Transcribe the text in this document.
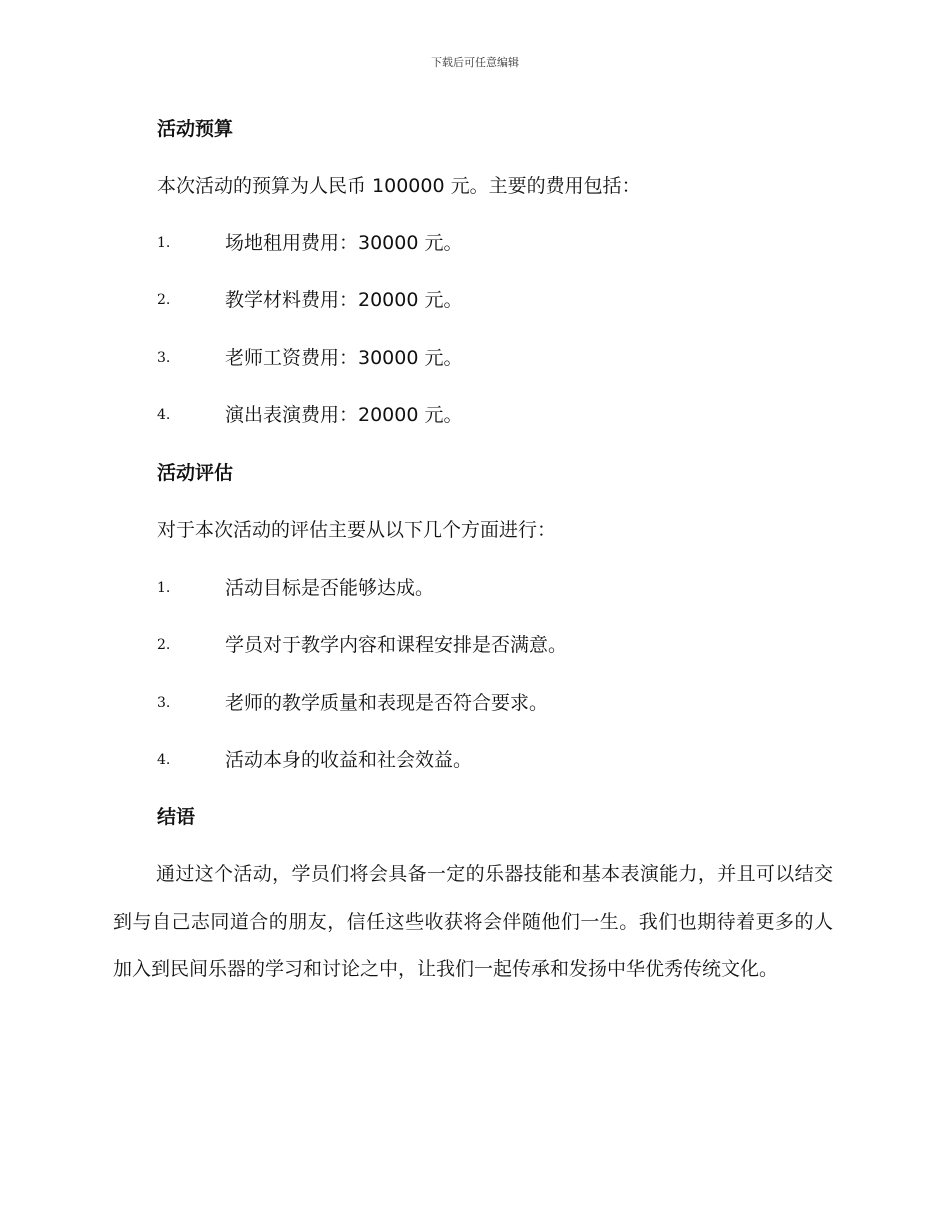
下载后可任意编辑
活动预算
本次活动的预算为人民币 100000 元。主要的费用包括：
1.	场地租用费用：30000 元。
2.	教学材料费用：20000 元。
3.	老师工资费用：30000 元。
4.	演出表演费用：20000 元。
活动评估
对于本次活动的评估主要从以下几个方面进行：
1.	活动目标是否能够达成。
2.	学员对于教学内容和课程安排是否满意。
3.	老师的教学质量和表现是否符合要求。
4.	活动本身的收益和社会效益。
结语
通过这个活动，学员们将会具备一定的乐器技能和基本表演能力，并且可以结交到与自己志同道合的朋友，信任这些收获将会伴随他们一生。我们也期待着更多的人加入到民间乐器的学习和讨论之中，让我们一起传承和发扬中华优秀传统文化。
